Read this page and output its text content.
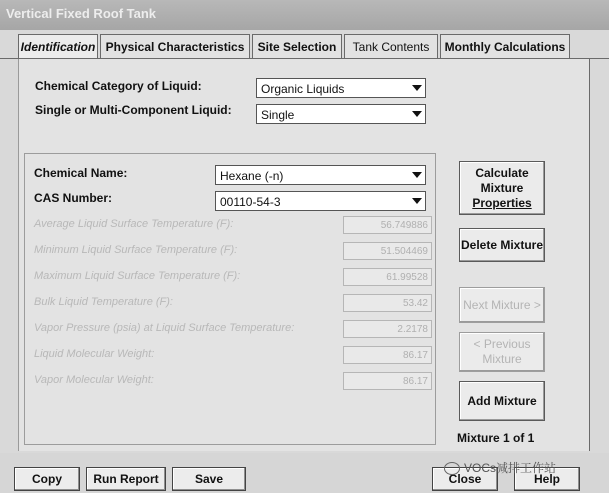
Vertical Fixed Roof Tank
Identification Physical Characteristics	Site Selection	Tank Contents	Monthly Calculations
Chemical Category of Liquid:	Organic Liquids
Single or Multi-Component Liquid: Single
Chemical Name:	Hexane (-n)
CAS Number:	00110-54-3
Average Liquid Surface Temperature (F):	56.749886
Minimum Liquid Surface Temperature (F):	51.504469
Maximum Liquid Surface Temperature (F):	61.99528
Bulk Liquid Temperature (F):	53.42
Vapor Pressure (psia) at Liquid Surface Temperature:	2.2178
Liquid Molecular Weight:	86.17
Vapor Molecular Weight:	86.17
Calculate
Mixture
Properties
Delete Mixture
Next Mixture >
< Previous
Mixture
Add Mixture
Mixture 1 of 1
Copy	Run Report	Save	Close	Help
VOCs减排工作站
